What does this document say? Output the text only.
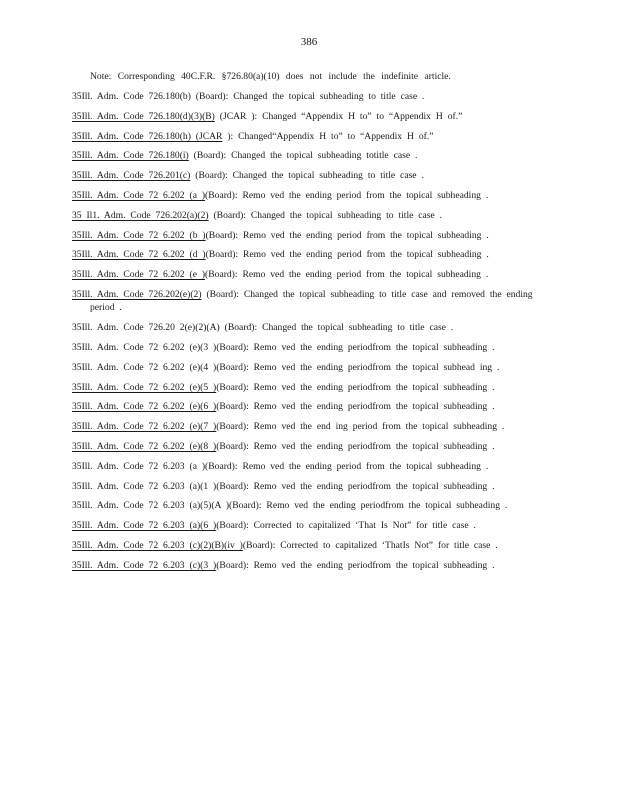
386
Note: Corresponding 40C.F.R. §726.80(a)(10) does not include the indefinite article.
35Ill. Adm. Code 726.180(b) (Board): Changed the topical subheading to title case .
35Ill. Adm. Code 726.180(d)(3)(B) (JCAR ): Changed “Appendix H to” to “Appendix H of.”
35Ill. Adm. Code 726.180(h) (JCAR ): Changed“Appendix H to” to “Appendix H of.”
35Ill. Adm. Code 726.180(i) (Board): Changed the topical subheading totitle case .
35Ill. Adm. Code 726.201(c) (Board): Changed the topical subheading to title case .
35Ill. Adm. Code 72 6.202 (a )(Board): Remo ved the ending period from the topical subheading .
35 Il1. Adm. Code 726.202(a)(2) (Board): Changed the topical subheading to title case .
35Ill. Adm. Code 72 6.202 (b )(Board): Remo ved the ending period from the topical subheading .
35Ill. Adm. Code 72 6.202 (d )(Board): Remo ved the ending period from the topical subheading .
35Ill. Adm. Code 72 6.202 (e )(Board): Remo ved the ending period from the topical subheading .
35Ill. Adm. Code 726.202(e)(2) (Board): Changed the topical subheading to title case and removed the ending period .
35Ill. Adm. Code 726.20 2(e)(2)(A) (Board): Changed the topical subheading to title case .
35Ill. Adm. Code 72 6.202 (e)(3 )(Board): Remo ved the ending periodfrom the topical subheading .
35Ill. Adm. Code 72 6.202 (e)(4 )(Board): Remo ved the ending periodfrom the topical subhead ing .
35Ill. Adm. Code 72 6.202 (e)(5 )(Board): Remo ved the ending periodfrom the topical subheading .
35Ill. Adm. Code 72 6.202 (e)(6 )(Board): Remo ved the ending periodfrom the topical subheading .
35Ill. Adm. Code 72 6.202 (e)(7 )(Board): Remo ved the end ing period from the topical subheading .
35Ill. Adm. Code 72 6.202 (e)(8 )(Board): Remo ved the ending periodfrom the topical subheading .
35Ill. Adm. Code 72 6.203 (a )(Board): Remo ved the ending period from the topical subheading .
35Ill. Adm. Code 72 6.203 (a)(1 )(Board): Remo ved the ending periodfrom the topical subheading .
35Ill. Adm. Code 72 6.203 (a)(5)(A )(Board): Remo ved the ending periodfrom the topical subheading .
35Ill. Adm. Code 72 6.203 (a)(6 )(Board): Corrected to capitalized ‘That Is Not” for title case .
35Ill. Adm. Code 72 6.203 (c)(2)(B)(iv )(Board): Corrected to capitalized ‘ThatIs Not” for title case .
35Ill. Adm. Code 72 6.203 (c)(3 )(Board): Remo ved the ending periodfrom the topical subheading .
